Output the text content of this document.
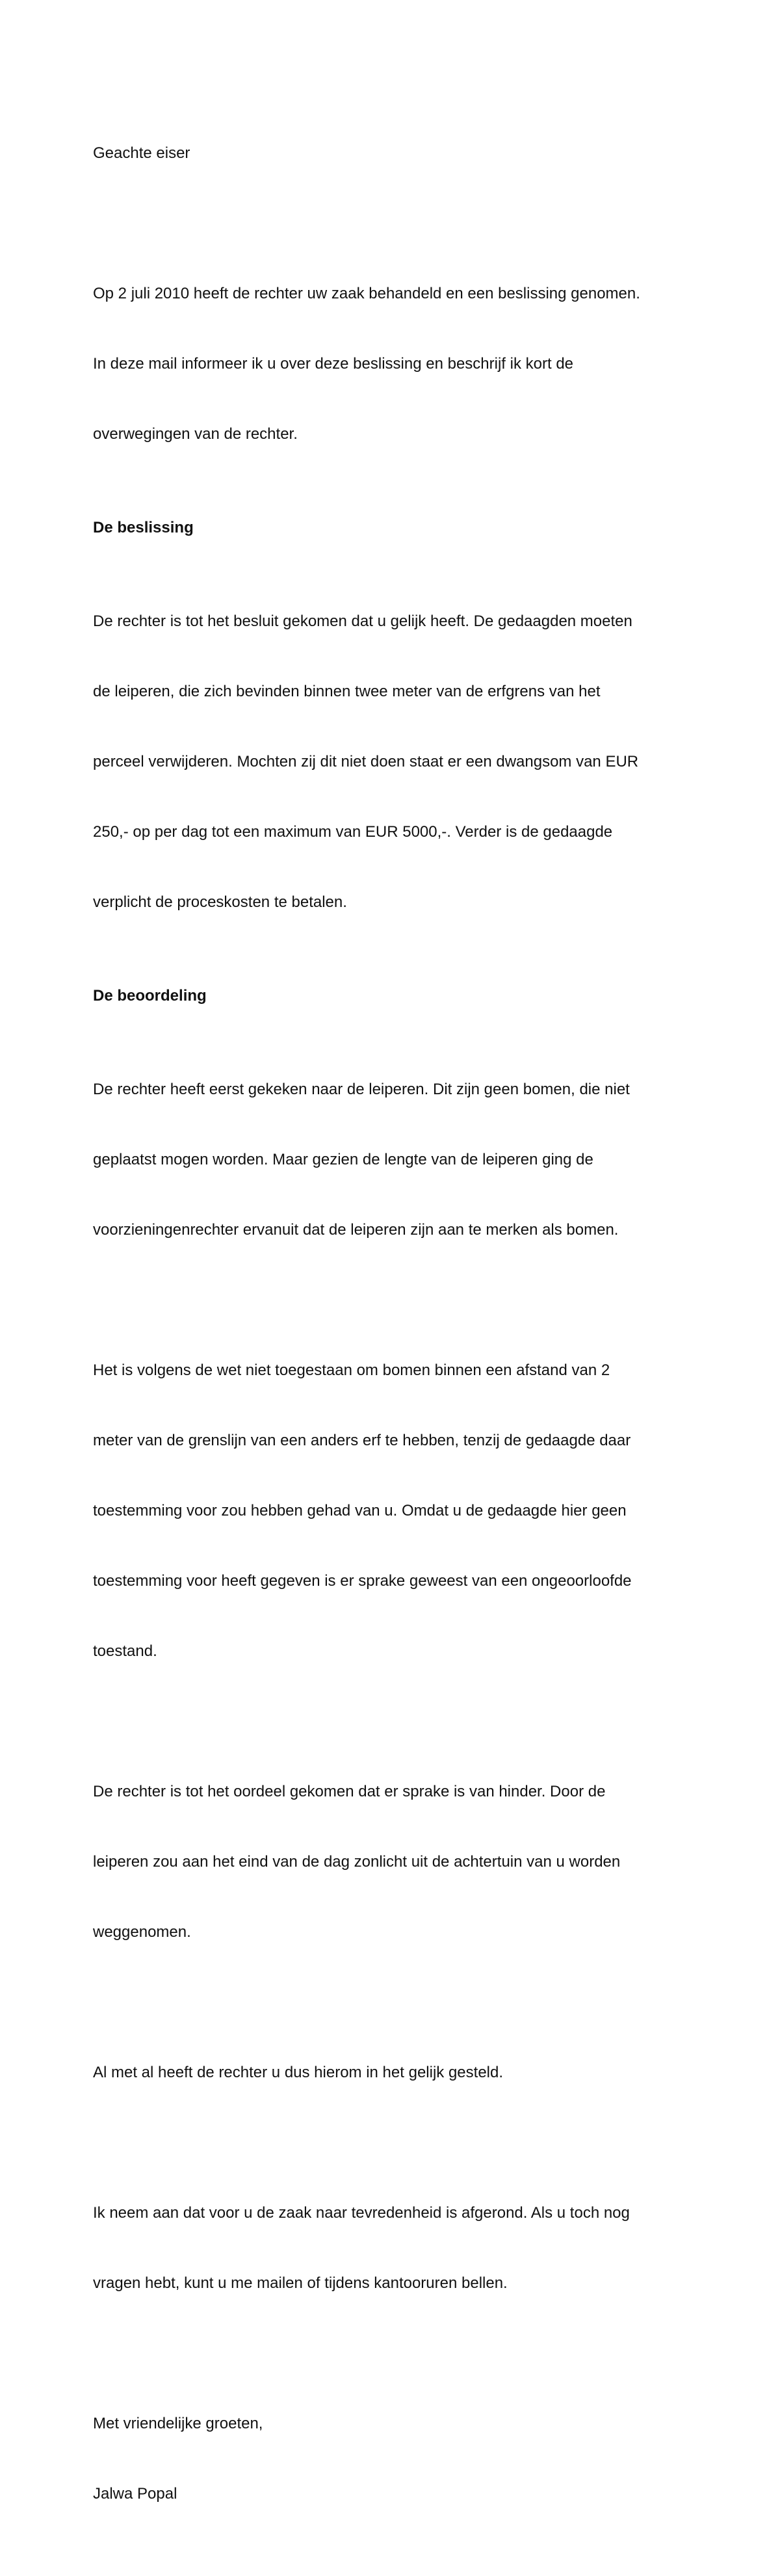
Geachte eiser

Op 2 juli 2010 heeft de rechter uw zaak behandeld en een beslissing genomen.

In deze mail informeer ik u over deze beslissing en beschrijf ik kort de

overwegingen van de rechter.

De beslissing

De rechter is tot het besluit gekomen dat u gelijk heeft. De gedaagden moeten

de leiperen, die zich bevinden binnen twee meter van de erfgrens van het

perceel verwijderen. Mochten zij dit niet doen staat er een dwangsom van EUR

250,- op per dag tot een maximum van EUR 5000,-. Verder is de gedaagde

verplicht de proceskosten te betalen.

De beoordeling

De rechter heeft eerst gekeken naar de leiperen. Dit zijn geen bomen, die niet

geplaatst mogen worden. Maar gezien de lengte van de leiperen ging de

voorzieningenrechter ervanuit dat de leiperen zijn aan te merken als bomen.

Het is volgens de wet niet toegestaan om bomen binnen een afstand van 2

meter van de grenslijn van een anders erf te hebben, tenzij de gedaagde daar

toestemming voor zou hebben gehad van u. Omdat u de gedaagde hier geen

toestemming voor heeft gegeven is er sprake geweest van een ongeoorloofde

toestand.

De rechter is tot het oordeel gekomen dat er sprake is van hinder. Door de

leiperen zou aan het eind van de dag zonlicht uit de achtertuin van u worden

weggenomen.

Al met al heeft de rechter u dus hierom in het gelijk gesteld.

Ik neem aan dat voor u de zaak naar tevredenheid is afgerond. Als u toch nog

vragen hebt, kunt u me mailen of tijdens kantooruren bellen.

Met vriendelijke groeten,

Jalwa Popal
